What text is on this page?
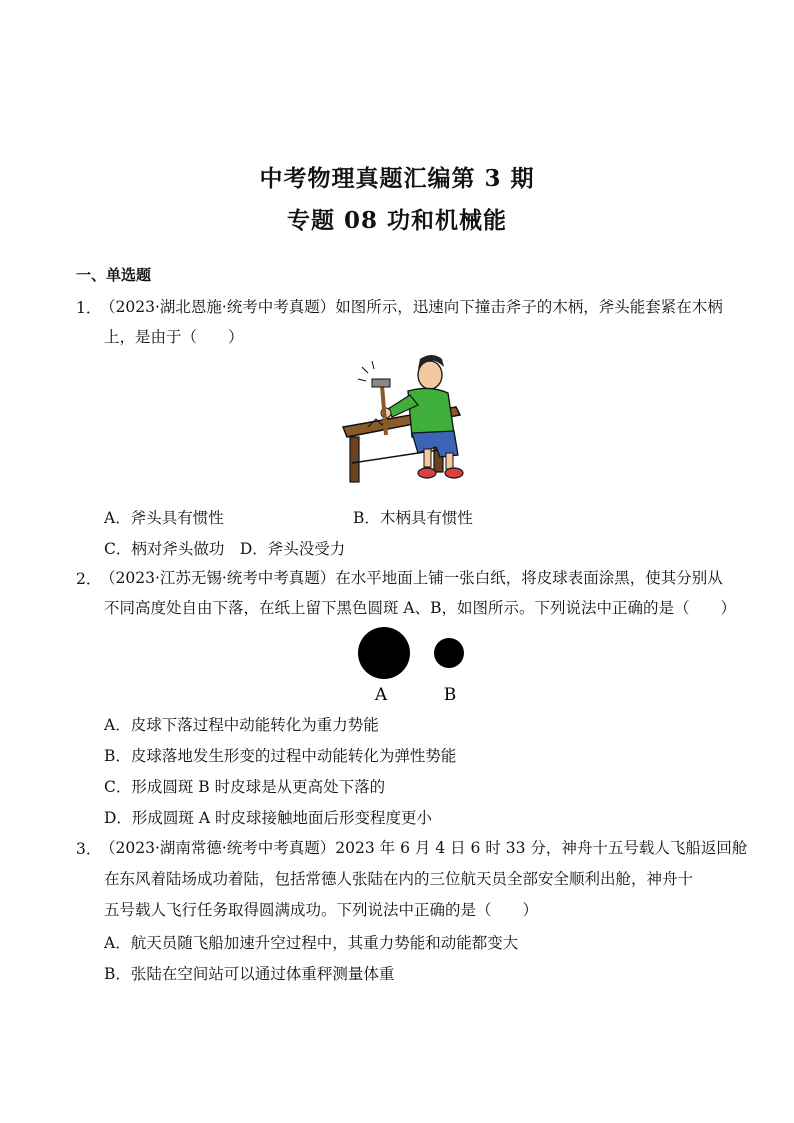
中考物理真题汇编第 3 期
专题 08 功和机械能
一、单选题
1．
（2023·湖北恩施·统考中考真题）如图所示，迅速向下撞击斧子的木柄，斧头能套紧在木柄
上，是由于（　　）
A．斧头具有惯性	B．木柄具有惯性
C．柄对斧头做功　D．斧头没受力
2．
（2023·江苏无锡·统考中考真题）在水平地面上铺一张白纸，将皮球表面涂黑，使其分别从
不同高度处自由下落，在纸上留下黑色圆斑 A、B，如图所示。下列说法中正确的是（　　）
A	B
A．皮球下落过程中动能转化为重力势能
B．皮球落地发生形变的过程中动能转化为弹性势能
C．形成圆斑 B 时皮球是从更高处下落的
D．形成圆斑 A 时皮球接触地面后形变程度更小
3．
（2023·湖南常德·统考中考真题）2023 年 6 月 4 日 6 时 33 分，神舟十五号载人飞船返回舱
在东风着陆场成功着陆，包括常德人张陆在内的三位航天员全部安全顺利出舱，神舟十
五号载人飞行任务取得圆满成功。下列说法中正确的是（　　）
A．航天员随飞船加速升空过程中，其重力势能和动能都变大
B．张陆在空间站可以通过体重秤测量体重
